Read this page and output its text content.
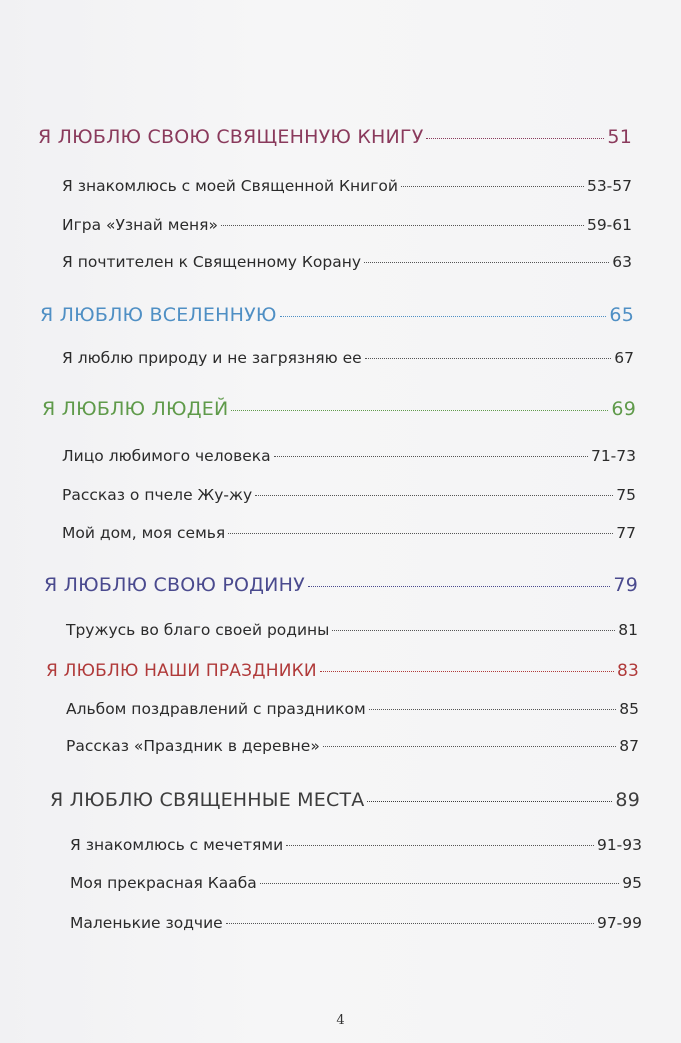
Я ЛЮБЛЮ СВОЮ СВЯЩЕННУЮ КНИГУ	51
Я знакомлюсь с моей Священной Книгой	53-57
Игра «Узнай меня»	59-61
Я почтителен к Священному Корану	63
Я ЛЮБЛЮ ВСЕЛЕННУЮ	65
Я люблю природу и не загрязняю ее	67
Я ЛЮБЛЮ ЛЮДЕЙ	69
Лицо любимого человека	71-73
Рассказ о пчеле Жу-жу	75
Мой дом, моя семья	77
Я ЛЮБЛЮ СВОЮ РОДИНУ	79
Тружусь во благо своей родины	81
Я ЛЮБЛЮ НАШИ ПРАЗДНИКИ	83
Альбом поздравлений с праздником	85
Рассказ «Праздник в деревне»	87
Я ЛЮБЛЮ СВЯЩЕННЫЕ МЕСТА	89
Я знакомлюсь с мечетями	91-93
Моя прекрасная Кааба	95
Маленькие зодчие	97-99
4
